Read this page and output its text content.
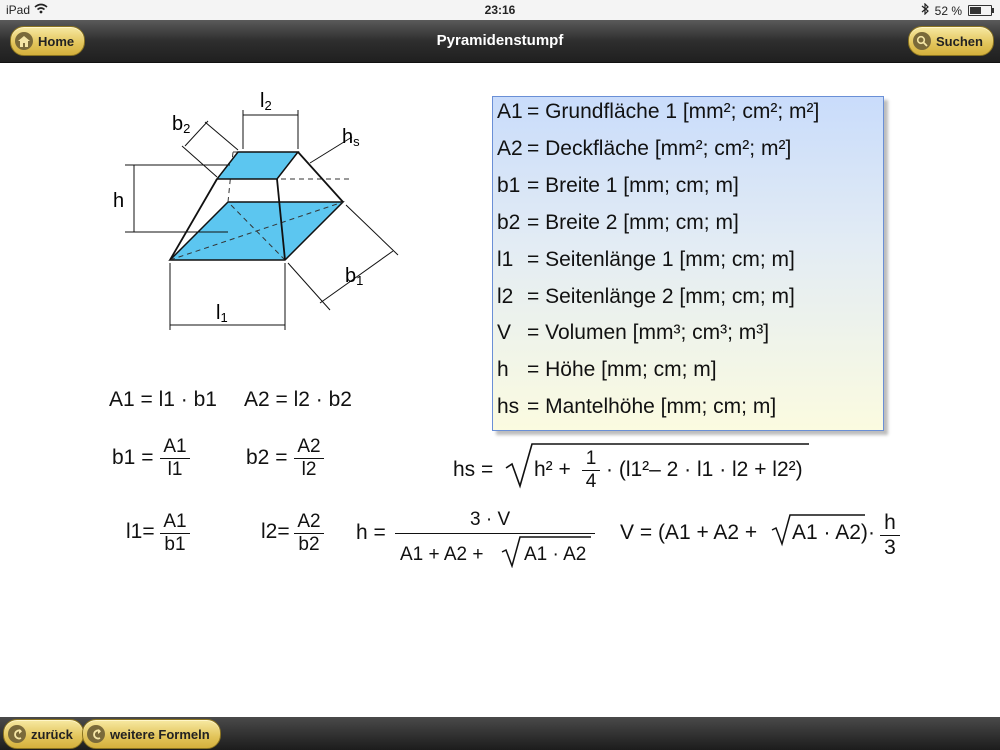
iPad	23:16	52 %
Home	Pyramidenstumpf	Suchen
l2
b2	hs
h
b1
l1
A1 = Grundfläche 1 [mm²; cm²; m²]
A2 = Deckfläche [mm²; cm²; m²]
b1 = Breite 1 [mm; cm; m]
b2 = Breite 2 [mm; cm; m]
l1 = Seitenlänge 1 [mm; cm; m]
l2 = Seitenlänge 2 [mm; cm; m]
V = Volumen [mm³; cm³; m³]
h = Höhe [mm; cm; m]
hs = Mantelhöhe [mm; cm; m]
A1 = l1 · b1 A2 = l2 · b2
$b1 = \frac{A1}{l1}$	$b2 = \frac{A2}{l2}$	hs = $h^2 + \frac{1}{4} \cdot (l1^2-$ 2 · l1 · l2 + l2²)
$l1= \frac{A1}{b1}$	$l2= \frac{A2}{b2}$ h =
3 · V
A1 + A2 + A1 · A2
$V = (A1 + A2 + A1 \cdot A2) \cdot \frac{h}{3}$
zurück	weitere Formeln
